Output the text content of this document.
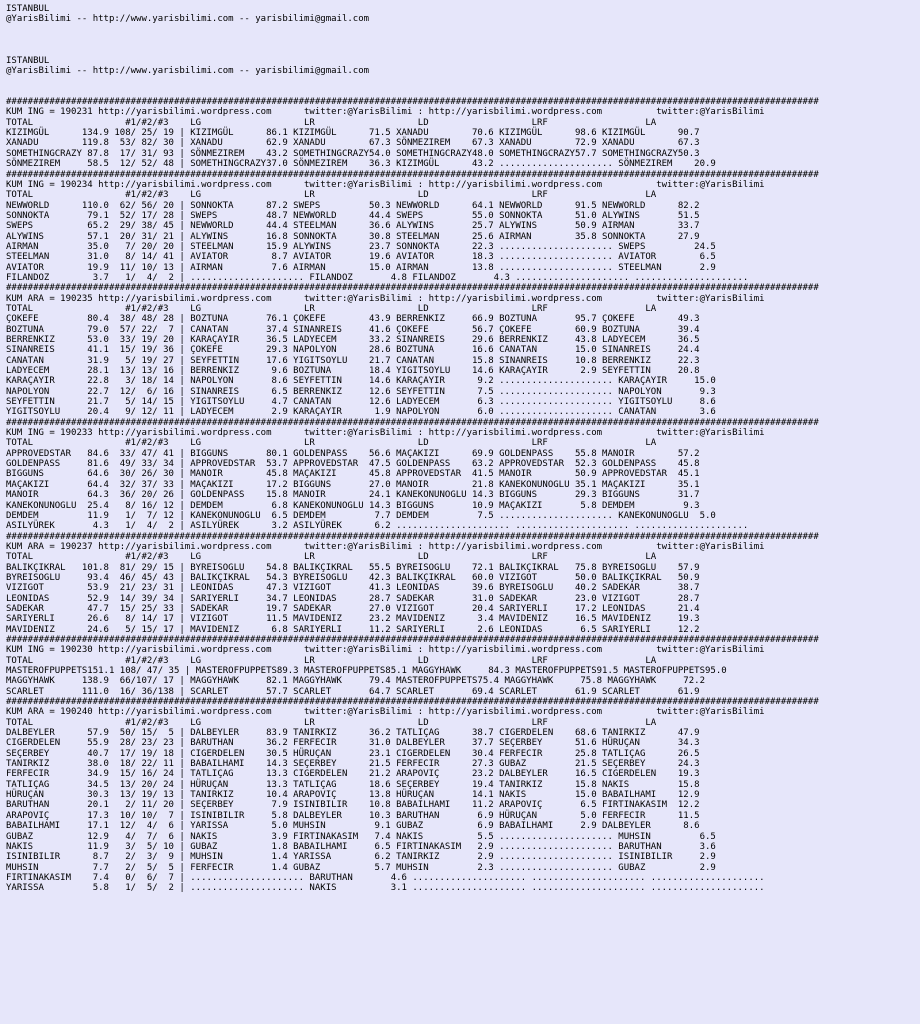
ISTANBUL
@YarisBilimi -- http://www.yarisbilimi.com -- yarisbilimi@gmail.com

ISTANBUL
@YarisBilimi -- http://www.yarisbilimi.com -- yarisbilimi@gmail.com

######################################################################################################################################################
KUM ING = 190231 http://yarisbilimi.wordpress.com      twitter:@YarisBilimi : http://yarisbilimi.wordpress.com          twitter:@YarisBilimi
TOTAL                 #1/#2/#3    LG                   LR                   LD                   LRF                  LA
KIZIMGÜL      134.9 108/ 25/ 19 | KIZIMGÜL      86.1 KIZIMGÜL      71.5 XANADU        70.6 KIZIMGÜL      98.6 KIZIMGÜL      90.7
XANADU        119.8  53/ 82/ 30 | XANADU        62.9 XANADU        67.3 SÖNMEZIREM    67.3 XANADU        72.9 XANADU        67.3
SOMETHINGCRAZY 87.8  17/ 31/ 93 | SÖNMEZIREM    43.2 SOMETHINGCRAZY54.0 SOMETHINGCRAZY48.0 SOMETHINGCRAZY57.7 SOMETHINGCRAZY50.3
SÖNMEZIREM     58.5  12/ 52/ 48 | SOMETHINGCRAZY37.0 SÖNMEZIREM    36.3 KIZIMGÜL      43.2 ..................... SÖNMEZIREM    20.9
######################################################################################################################################################
KUM ING = 190234 http://yarisbilimi.wordpress.com      twitter:@YarisBilimi : http://yarisbilimi.wordpress.com          twitter:@YarisBilimi
TOTAL                 #1/#2/#3    LG                   LR                   LD                   LRF                  LA
NEWWORLD      110.0  62/ 56/ 20 | SONNOKTA      87.2 SWEPS         50.3 NEWWORLD      64.1 NEWWORLD      91.5 NEWWORLD      82.2
SONNOKTA       79.1  52/ 17/ 28 | SWEPS         48.7 NEWWORLD      44.4 SWEPS         55.0 SONNOKTA      51.0 ALYWINS       51.5
SWEPS          65.2  29/ 38/ 45 | NEWWORLD      44.4 STEELMAN      36.6 ALYWINS       25.7 ALYWINS       50.9 AIRMAN        33.7
ALYWINS        57.1  20/ 31/ 21 | ALYWINS       16.8 SONNOKTA      30.8 STEELMAN      25.6 AIRMAN        35.8 SONNOKTA      27.9
AIRMAN         35.0   7/ 20/ 20 | STEELMAN      15.9 ALYWINS       23.7 SONNOKTA      22.3 ..................... SWEPS         24.5
STEELMAN       31.0   8/ 14/ 41 | AVIATOR        8.7 AVIATOR       19.6 AVIATOR       18.3 ..................... AVIATOR        6.5
AVIATOR        19.9  11/ 10/ 13 | AIRMAN         7.6 AIRMAN        15.0 AIRMAN        13.8 ..................... STEELMAN       2.9
FILANDOZ        3.7   1/  4/  2 | ..................... FILANDOZ       4.8 FILANDOZ       4.3 ..................... .....................
######################################################################################################################################################
KUM ARA = 190235 http://yarisbilimi.wordpress.com      twitter:@YarisBilimi : http://yarisbilimi.wordpress.com          twitter:@YarisBilimi
TOTAL                 #1/#2/#3    LG                   LR                   LD                   LRF                  LA
ÇOKEFE         80.4  38/ 48/ 28 | BOZTUNA       76.1 ÇOKEFE        43.9 BERRENKIZ     66.9 BOZTUNA       95.7 ÇOKEFE        49.3
BOZTUNA        79.0  57/ 22/  7 | CANATAN       37.4 SINANREIS     41.6 ÇOKEFE        56.7 ÇOKEFE        60.9 BOZTUNA       39.4
BERRENKIZ      53.0  33/ 19/ 20 | KARAÇAYIR     36.5 LADYECEM      33.2 SINANREIS     29.6 BERRENKIZ     43.8 LADYECEM      36.5
SINANREIS      41.1  15/ 19/ 36 | ÇOKEFE        29.3 NAPOLYON      28.6 BOZTUNA       16.6 CANATAN       15.0 SINANREIS     24.4
CANATAN        31.9   5/ 19/ 27 | SEYFETTIN     17.6 YIGITSOYLU    21.7 CANATAN       15.8 SINANREIS     10.8 BERRENKIZ     22.3
LADYECEM       28.1  13/ 13/ 16 | BERRENKIZ      9.6 BOZTUNA       18.4 YIGITSOYLU    14.6 KARAÇAYIR      2.9 SEYFETTIN     20.8
KARAÇAYIR      22.8   3/ 18/ 14 | NAPOLYON       8.6 SEYFETTIN     14.6 KARAÇAYIR      9.2 ..................... KARAÇAYIR     15.0
NAPOLYON       22.7  12/  6/ 16 | SINANREIS      6.5 BERRENKIZ     12.6 SEYFETTIN      7.5 ..................... NAPOLYON       9.3
SEYFETTIN      21.7   5/ 14/ 15 | YIGITSOYLU     4.7 CANATAN       12.6 LADYECEM       6.3 ..................... YIGITSOYLU     8.6
YIGITSOYLU     20.4   9/ 12/ 11 | LADYECEM       2.9 KARAÇAYIR      1.9 NAPOLYON       6.0 ..................... CANATAN        3.6
######################################################################################################################################################
KUM ING = 190233 http://yarisbilimi.wordpress.com      twitter:@YarisBilimi : http://yarisbilimi.wordpress.com          twitter:@YarisBilimi
TOTAL                 #1/#2/#3    LG                   LR                   LD                   LRF                  LA
APPROVEDSTAR   84.6  33/ 47/ 41 | BIGGUNS       80.1 GOLDENPASS    56.6 MAÇAKIZI      69.9 GOLDENPASS    55.8 MANOIR        57.2
GOLDENPASS     81.6  49/ 33/ 34 | APPROVEDSTAR  53.7 APPROVEDSTAR  47.5 GOLDENPASS    63.2 APPROVEDSTAR  52.3 GOLDENPASS    45.8
BIGGUNS        64.6  30/ 26/ 30 | MANOIR        45.8 MAÇAKIZI      45.8 APPROVEDSTAR  41.5 MANOIR        50.9 APPROVEDSTAR  45.1
MAÇAKIZI       64.4  32/ 37/ 33 | MAÇAKIZI      17.2 BIGGUNS       27.0 MANOIR        21.8 KANEKONUNOGLU 35.1 MAÇAKIZI      35.1
MANOIR         64.3  36/ 20/ 26 | GOLDENPASS    15.8 MANOIR        24.1 KANEKONUNOGLU 14.3 BIGGUNS       29.3 BIGGUNS       31.7
KANEKONUNOGLU  25.4   8/ 16/ 12 | DEMDEM         6.8 KANEKONUNOGLU 14.3 BIGGUNS       10.9 MAÇAKIZI       5.8 DEMDEM         9.3
DEMDEM         11.9   1/  7/ 12 | KANEKONUNOGLU  6.5 DEMDEM         7.7 DEMDEM         7.5 ..................... KANEKONUNOGLU  5.0
ASILYÜREK       4.3   1/  4/  2 | ASILYÜREK      3.2 ASILYÜREK      6.2 ..................... ..................... .....................
######################################################################################################################################################
KUM ARA = 190237 http://yarisbilimi.wordpress.com      twitter:@YarisBilimi : http://yarisbilimi.wordpress.com          twitter:@YarisBilimi
TOTAL                 #1/#2/#3    LG                   LR                   LD                   LRF                  LA
BALIKÇIKRAL   101.8  81/ 29/ 15 | BYREISOGLU    54.8 BALIKÇIKRAL   55.5 BYREISOGLU    72.1 BALIKÇIKRAL   75.8 BYREISOGLU    57.9
BYREISOGLU     93.4  46/ 45/ 43 | BALIKÇIKRAL   54.3 BYREISOGLU    42.3 BALIKÇIKRAL   60.0 VIZIGOT       50.0 BALIKÇIKRAL   50.9
VIZIGOT        53.9  21/ 23/ 31 | LEONIDAS      47.3 VIZIGOT       41.3 LEONIDAS      39.6 BYREISOGLU    40.2 SADEKAR       38.7
LEONIDAS       52.9  14/ 39/ 34 | SARIYERLI     34.7 LEONIDAS      28.7 SADEKAR       31.0 SADEKAR       23.0 VIZIGOT       28.7
SADEKAR        47.7  15/ 25/ 33 | SADEKAR       19.7 SADEKAR       27.0 VIZIGOT       20.4 SARIYERLI     17.2 LEONIDAS      21.4
SARIYERLI      26.6   8/ 14/ 17 | VIZIGOT       11.5 MAVIDENIZ     23.2 MAVIDENIZ      3.4 MAVIDENIZ     16.5 MAVIDENIZ     19.3
MAVIDENIZ      24.6   5/ 15/ 17 | MAVIDENIZ      6.8 SARIYERLI     11.2 SARIYERLI      2.6 LEONIDAS       6.5 SARIYERLI     12.2
######################################################################################################################################################
KUM ING = 190230 http://yarisbilimi.wordpress.com      twitter:@YarisBilimi : http://yarisbilimi.wordpress.com          twitter:@YarisBilimi
TOTAL                 #1/#2/#3    LG                   LR                   LD                   LRF                  LA
MASTEROFPUPPETS151.1 108/ 47/ 35 | MASTEROFPUPPETS89.3 MASTEROFPUPPETS85.1 MAGGYHAWK     84.3 MASTEROFPUPPETS91.5 MASTEROFPUPPETS95.0
MAGGYHAWK     138.9  66/107/ 17 | MAGGYHAWK     82.1 MAGGYHAWK     79.4 MASTEROFPUPPETS75.4 MAGGYHAWK     75.8 MAGGYHAWK     72.2
SCARLET       111.0  16/ 36/138 | SCARLET       57.7 SCARLET       64.7 SCARLET       69.4 SCARLET       61.9 SCARLET       61.9
######################################################################################################################################################
KUM ARA = 190240 http://yarisbilimi.wordpress.com      twitter:@YarisBilimi : http://yarisbilimi.wordpress.com          twitter:@YarisBilimi
TOTAL                 #1/#2/#3    LG                   LR                   LD                   LRF                  LA
DALBEYLER      57.9  50/ 15/  5 | DALBEYLER     83.9 TANIRKIZ      36.2 TATLIÇAG      38.7 CIGERDELEN    68.6 TANIRKIZ      47.9
CIGERDELEN     55.9  28/ 23/ 23 | BARUTHAN      36.2 FERFECIR      31.0 DALBEYLER     37.7 SEÇERBEY      51.6 HÜRUÇAN       34.3
SEÇERBEY       40.7  17/ 19/ 18 | CIGERDELEN    30.5 HÜRUÇAN       23.1 CIGERDELEN    30.4 FERFECIR      25.8 TATLIÇAG      26.5
TANIRKIZ       38.0  18/ 22/ 11 | BABAILHAMI    14.3 SEÇERBEY      21.5 FERFECIR      27.3 GUBAZ         21.5 SEÇERBEY      24.3
FERFECIR       34.9  15/ 16/ 24 | TATLIÇAG      13.3 CIGERDELEN    21.2 ARAPOVIÇ      23.2 DALBEYLER     16.5 CIGERDELEN    19.3
TATLIÇAG       34.5  13/ 20/ 24 | HÜRUÇAN       13.3 TATLIÇAG      18.6 SEÇERBEY      19.4 TANIRKIZ      15.8 NAKIS         15.8
HÜRUÇAN        30.3  13/ 19/ 13 | TANIRKIZ      10.4 ARAPOVIÇ      13.8 HÜRUÇAN       14.1 NAKIS         15.0 BABAILHAMI    12.9
BARUTHAN       20.1   2/ 11/ 20 | SEÇERBEY       7.9 ISINIBILIR    10.8 BABAILHAMI    11.2 ARAPOVIÇ       6.5 FIRTINAKASIM  12.2
ARAPOVIÇ       17.3  10/ 10/  7 | ISINIBILIR     5.8 DALBEYLER     10.3 BARUTHAN       6.9 HÜRUÇAN        5.0 FERFECIR      11.5
BABAILHAMI     17.1  12/  4/  6 | YARISSA        5.0 MUHSIN         9.1 GUBAZ          6.9 BABAILHAMI     2.9 DALBEYLER      8.6
GUBAZ          12.9   4/  7/  6 | NAKIS          3.9 FIRTINAKASIM   7.4 NAKIS          5.5 ..................... MUHSIN         6.5
NAKIS          11.9   3/  5/ 10 | GUBAZ          1.8 BABAILHAMI     6.5 FIRTINAKASIM   2.9 ..................... BARUTHAN       3.6
ISINIBILIR      8.7   2/  3/  9 | MUHSIN         1.4 YARISSA        6.2 TANIRKIZ       2.9 ..................... ISINIBILIR     2.9
MUHSIN          7.7   2/  5/  5 | FERFECIR       1.4 GUBAZ          5.7 MUHSIN         2.3 ..................... GUBAZ          2.9
FIRTINAKASIM    7.4   0/  6/  7 | ..................... BARUTHAN       4.6 ..................... ..................... .....................
YARISSA         5.8   1/  5/  2 | ..................... NAKIS          3.1 ..................... ..................... .....................
